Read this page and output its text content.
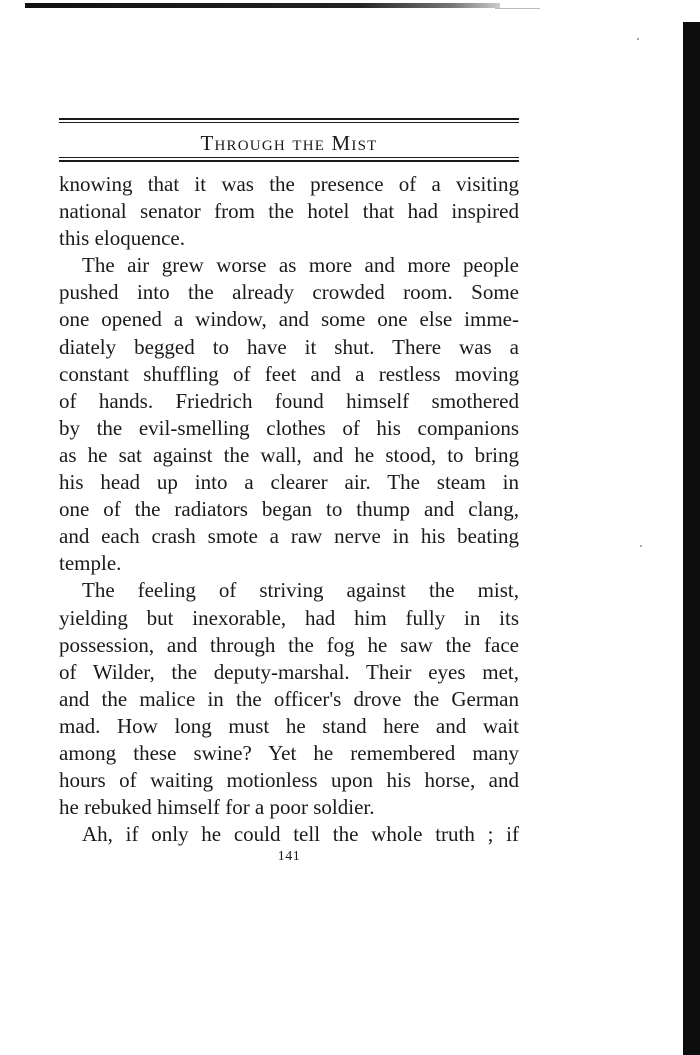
Through the Mist

knowing that it was the presence of a visiting
national senator from the hotel that had inspired
this eloquence.

The air grew worse as more and more people
pushed into the already crowded room. Some
one opened a window, and some one else imme-
diately begged to have it shut. There was a
constant shuffling of feet and a restless moving
of hands. Friedrich found himself smothered
by the evil-smelling clothes of his companions
as he sat against the wall, and he stood, to bring
his head up into a clearer air. The steam in
one of the radiators began to thump and clang,
and each crash smote a raw nerve in his beating
temple.

The feeling of striving against the mist,
yielding but inexorable, had him fully in its
possession, and through the fog he saw the face
of Wilder, the deputy-marshal. Their eyes met,
and the malice in the officer's drove the German
mad. How long must he stand here and wait
among these swine? Yet he remembered many
hours of waiting motionless upon his horse, and
he rebuked himself for a poor soldier.

Ah, if only he could tell the whole truth ; if

141
